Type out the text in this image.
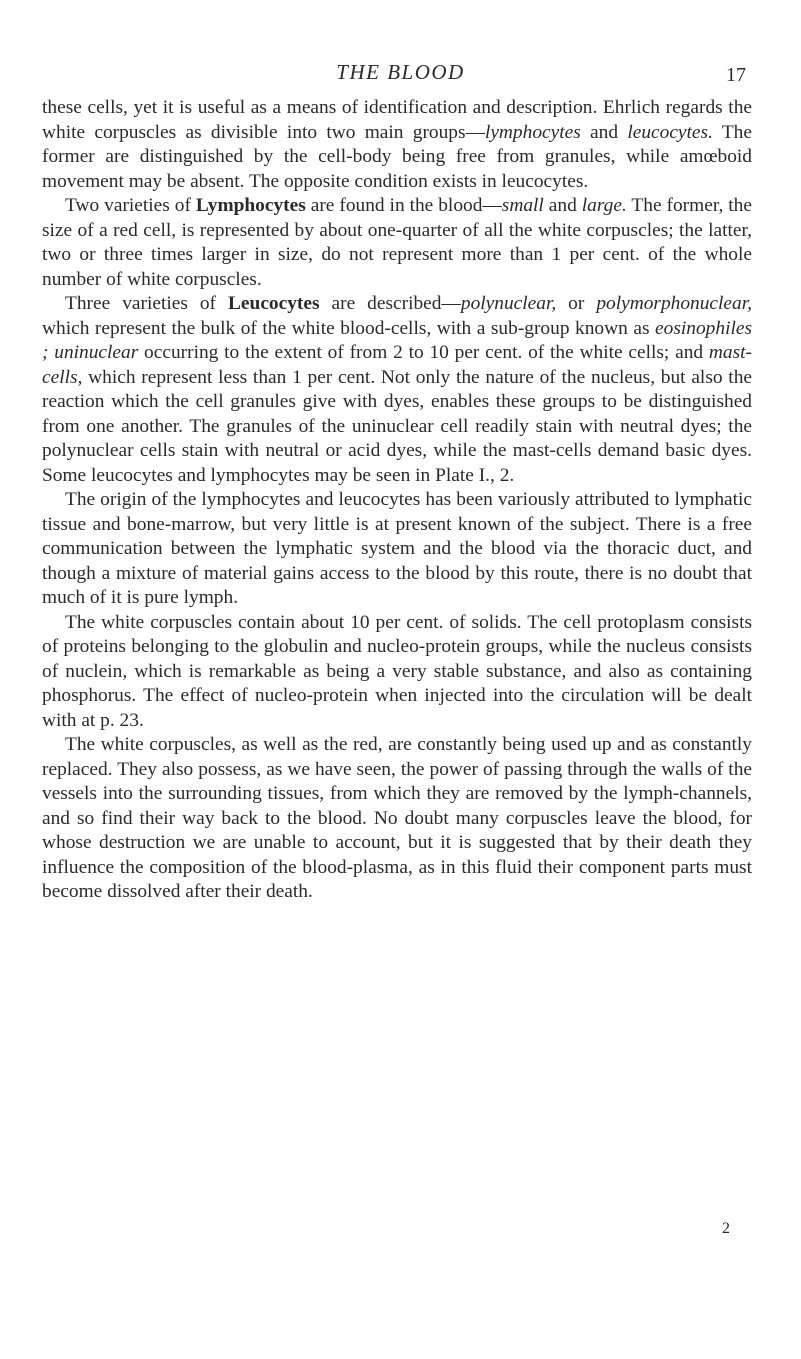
THE BLOOD	17

these cells, yet it is useful as a means of identification and description. Ehrlich regards the white corpuscles as divisible into two main groups—lymphocytes and leucocytes. The former are distinguished by the cell-body being free from granules, while amœboid movement may be absent. The opposite condition exists in leucocytes.

Two varieties of Lymphocytes are found in the blood—small and large. The former, the size of a red cell, is represented by about one-quarter of all the white corpuscles; the latter, two or three times larger in size, do not represent more than 1 per cent. of the whole number of white corpuscles.

Three varieties of Leucocytes are described—polynuclear, or polymorphonuclear, which represent the bulk of the white blood-cells, with a sub-group known as eosinophiles ; uninuclear occurring to the extent of from 2 to 10 per cent. of the white cells; and mast-cells, which represent less than 1 per cent. Not only the nature of the nucleus, but also the reaction which the cell granules give with dyes, enables these groups to be distinguished from one another. The granules of the uninuclear cell readily stain with neutral dyes; the polynuclear cells stain with neutral or acid dyes, while the mast-cells demand basic dyes. Some leucocytes and lymphocytes may be seen in Plate I., 2.

The origin of the lymphocytes and leucocytes has been variously attributed to lymphatic tissue and bone-marrow, but very little is at present known of the subject. There is a free communication between the lymphatic system and the blood via the thoracic duct, and though a mixture of material gains access to the blood by this route, there is no doubt that much of it is pure lymph.

The white corpuscles contain about 10 per cent. of solids. The cell protoplasm consists of proteins belonging to the globulin and nucleo-protein groups, while the nucleus consists of nuclein, which is remarkable as being a very stable substance, and also as containing phosphorus. The effect of nucleo-protein when injected into the circulation will be dealt with at p. 23.

The white corpuscles, as well as the red, are constantly being used up and as constantly replaced. They also possess, as we have seen, the power of passing through the walls of the vessels into the surrounding tissues, from which they are removed by the lymph-channels, and so find their way back to the blood. No doubt many corpuscles leave the blood, for whose destruction we are unable to account, but it is suggested that by their death they influence the composition of the blood-plasma, as in this fluid their component parts must become dissolved after their death.

2
